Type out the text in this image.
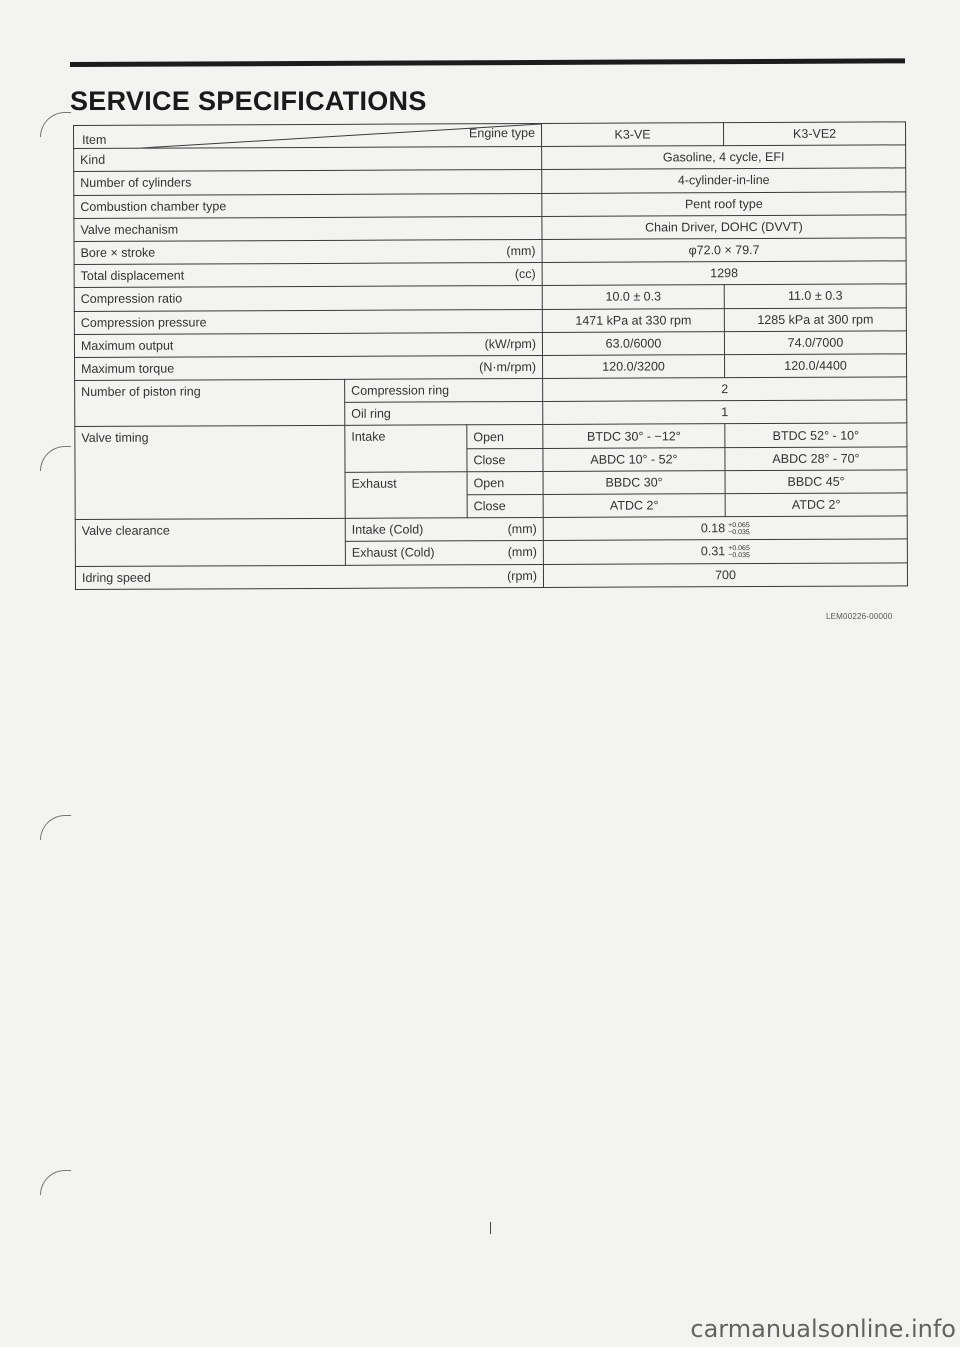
SERVICE SPECIFICATIONS
Item Engine type			K3-VE	K3-VE2
Kind			Gasoline, 4 cycle, EFI	
Number of cylinders			4-cylinder-in-line	
Combustion chamber type			Pent roof type	
Valve mechanism			Chain Driver, DOHC (DVVT)	

Bore × stroke (mm)			φ72.0 × 79.7	

Total displacement (cc)			1298	
Compression ratio			10.0 ± 0.3	11.0 ± 0.3
Compression pressure			1471 kPa at 330 rpm	1285 kPa at 300 rpm

Maximum output (kW/rpm)			63.0/6000	74.0/7000

Maximum torque (N·m/rpm)			120.0/3200	120.0/4400
Number of piston ring	Compression ring		2	
	Oil ring		1	
Valve timing	Intake	Open	BTDC 30° - −12°	BTDC 52° - 10°
		Close	ABDC 10° - 52°	ABDC 28° - 70°
	Exhaust	Open	BBDC 30°	BBDC 45°
		Close	ATDC 2°	ATDC 2°
Valve clearance	Intake (Cold) (mm)		0.18 +0.065
−0.035	

	Exhaust (Cold) (mm)		0.31 +0.065
−0.035	

Idring speed (rpm)			700	
LEM00226-00000
carmanualsonline.info
